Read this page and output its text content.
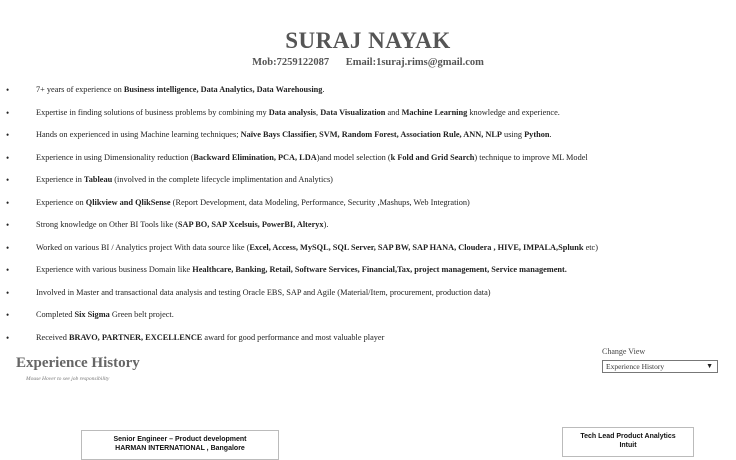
SURAJ NAYAK
Mob:7259122087 Email:1suraj.rims@gmail.com
•	7+ years of experience on Business intelligence, Data Analytics, Data Warehousing.
•	Expertise in finding solutions of business problems by combining my Data analysis, Data Visualization and Machine Learning knowledge and experience.
•	Hands on experienced in using Machine learning techniques; Naïve Bays Classifier, SVM, Random Forest, Association Rule, ANN, NLP using Python.
•	Experience in using Dimensionality reduction (Backward Elimination, PCA, LDA)and model selection (k Fold and Grid Search) technique to improve ML Model
•	Experience in Tableau (involved in the complete lifecycle implimentation and Analytics)
•	Experience on Qlikview and QlikSense (Report Development, data Modeling, Performance, Security ,Mashups, Web Integration)
•	Strong knowledge on Other BI Tools like (SAP BO, SAP Xcelsuis, PowerBI, Alteryx).
•	Worked on various BI / Analytics project With data source like (Excel, Access, MySQL, SQL Server, SAP BW, SAP HANA, Cloudera , HIVE, IMPALA,Splunk etc)
•	Experience with various business Domain like Healthcare, Banking, Retail, Software Services, Financial,Tax, project management, Service management.
•	Involved in Master and transactional data analysis and testing Oracle EBS, SAP and Agile (Material/Item, procurement, production data)
•	Completed Six Sigma Green belt project.
•	Received BRAVO, PARTNER, EXCELLENCE award for good performance and most valuable player
Experience History
Mouse Hover to see job responsibility
Change View
Experience History	▼
Senior Engineer – Product development
HARMAN INTERNATIONAL , Bangalore
Tech Lead Product Analytics
Intuit
